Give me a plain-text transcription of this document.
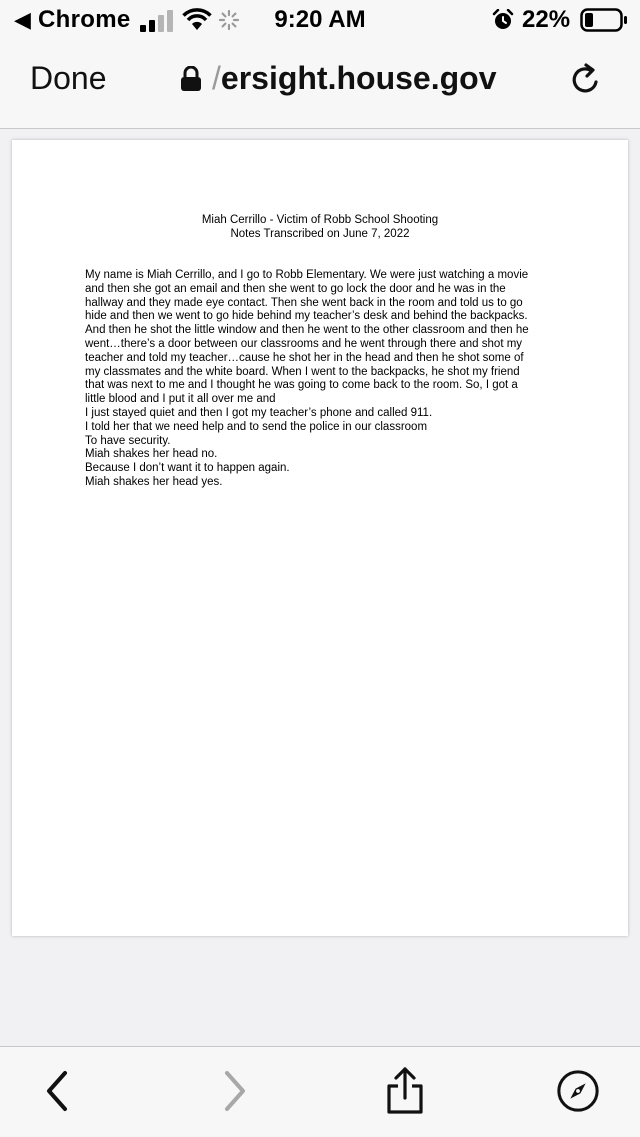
◀ Chrome	9:20 AM	22%
Done	/ersight.house.gov
Miah Cerrillo - Victim of Robb School Shooting
Notes Transcribed on June 7, 2022

My name is Miah Cerrillo, and I go to Robb Elementary. We were just watching a movie

and then she got an email and then she went to go lock the door and he was in the

hallway and they made eye contact. Then she went back in the room and told us to go

hide and then we went to go hide behind my teacher’s desk and behind the backpacks.

And then he shot the little window and then he went to the other classroom and then he

went…there’s a door between our classrooms and he went through there and shot my

teacher and told my teacher…cause he shot her in the head and then he shot some of

my classmates and the white board. When I went to the backpacks, he shot my friend

that was next to me and I thought he was going to come back to the room. So, I got a

little blood and I put it all over me and

I just stayed quiet and then I got my teacher’s phone and called 911.

I told her that we need help and to send the police in our classroom

To have security.

Miah shakes her head no.

Because I don’t want it to happen again.

Miah shakes her head yes.
